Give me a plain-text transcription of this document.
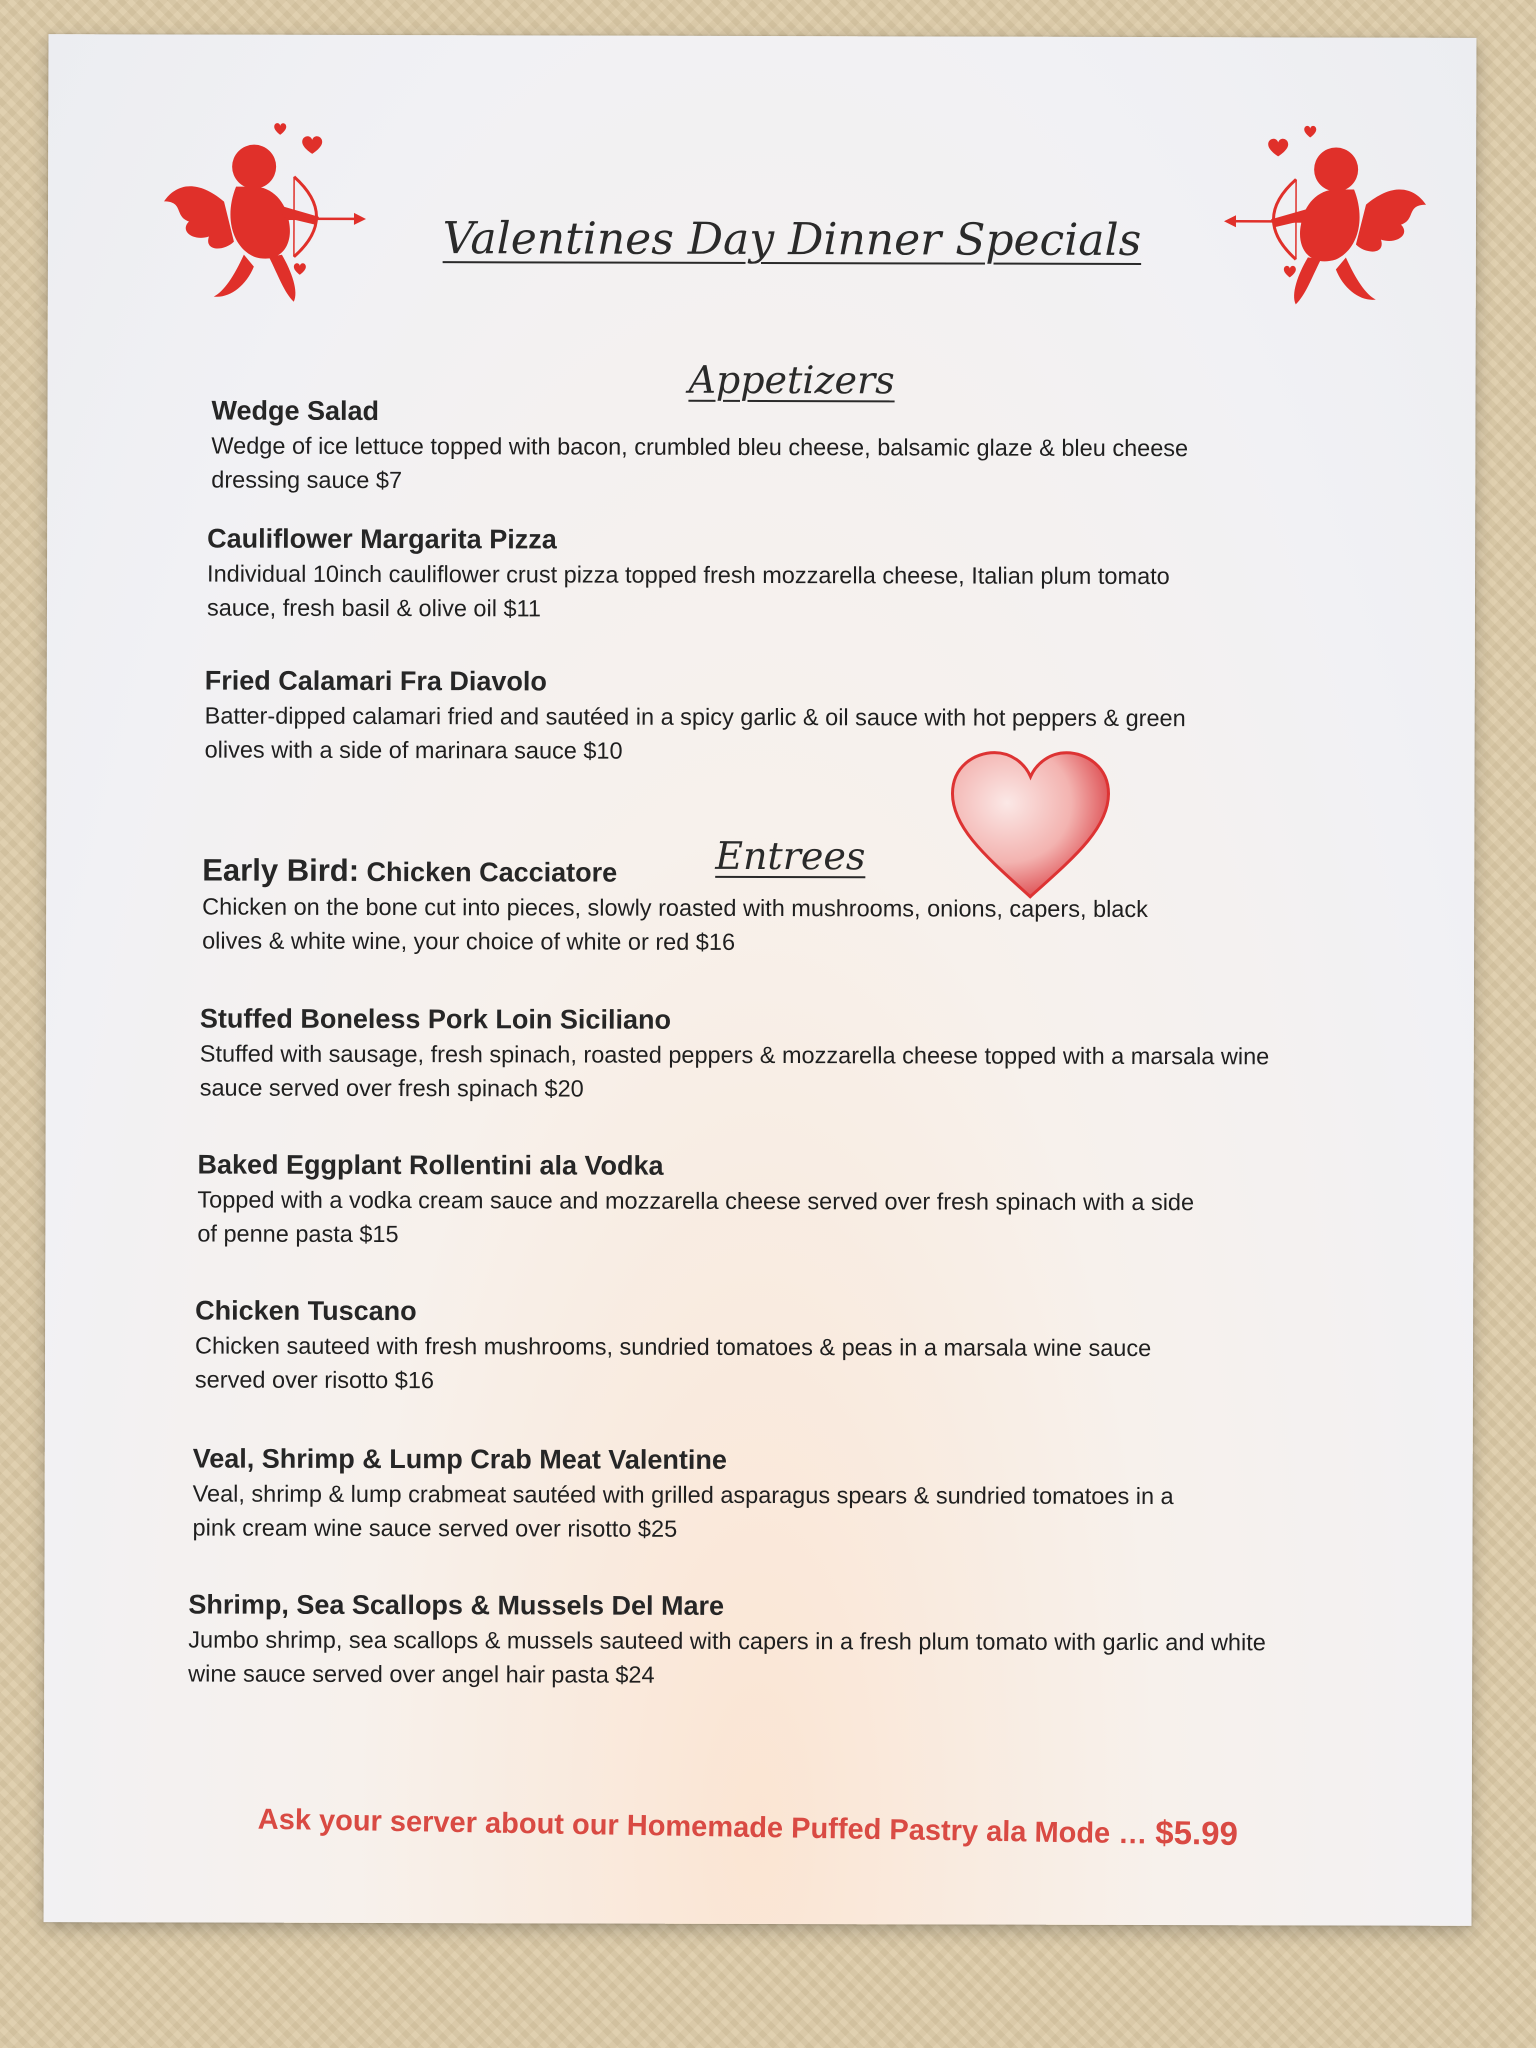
Valentines Day Dinner Specials
Appetizers
Wedge Salad
Wedge of ice lettuce topped with bacon, crumbled bleu cheese, balsamic glaze & bleu cheese
dressing sauce $7
Cauliflower Margarita Pizza
Individual 10inch cauliflower crust pizza topped fresh mozzarella cheese, Italian plum tomato
sauce, fresh basil & olive oil $11
Fried Calamari Fra Diavolo
Batter-dipped calamari fried and sautéed in a spicy garlic & oil sauce with hot peppers & green
olives with a side of marinara sauce $10
Entrees
Early Bird: Chicken Cacciatore
Chicken on the bone cut into pieces, slowly roasted with mushrooms, onions, capers, black
olives & white wine, your choice of white or red $16
Stuffed Boneless Pork Loin Siciliano
Stuffed with sausage, fresh spinach, roasted peppers & mozzarella cheese topped with a marsala wine
sauce served over fresh spinach $20
Baked Eggplant Rollentini ala Vodka
Topped with a vodka cream sauce and mozzarella cheese served over fresh spinach with a side
of penne pasta $15
Chicken Tuscano
Chicken sauteed with fresh mushrooms, sundried tomatoes & peas in a marsala wine sauce
served over risotto $16
Veal, Shrimp & Lump Crab Meat Valentine
Veal, shrimp & lump crabmeat sautéed with grilled asparagus spears & sundried tomatoes in a
pink cream wine sauce served over risotto $25
Shrimp, Sea Scallops & Mussels Del Mare
Jumbo shrimp, sea scallops & mussels sauteed with capers in a fresh plum tomato with garlic and white
wine sauce served over angel hair pasta $24
Ask your server about our Homemade Puffed Pastry ala Mode … $5.99
